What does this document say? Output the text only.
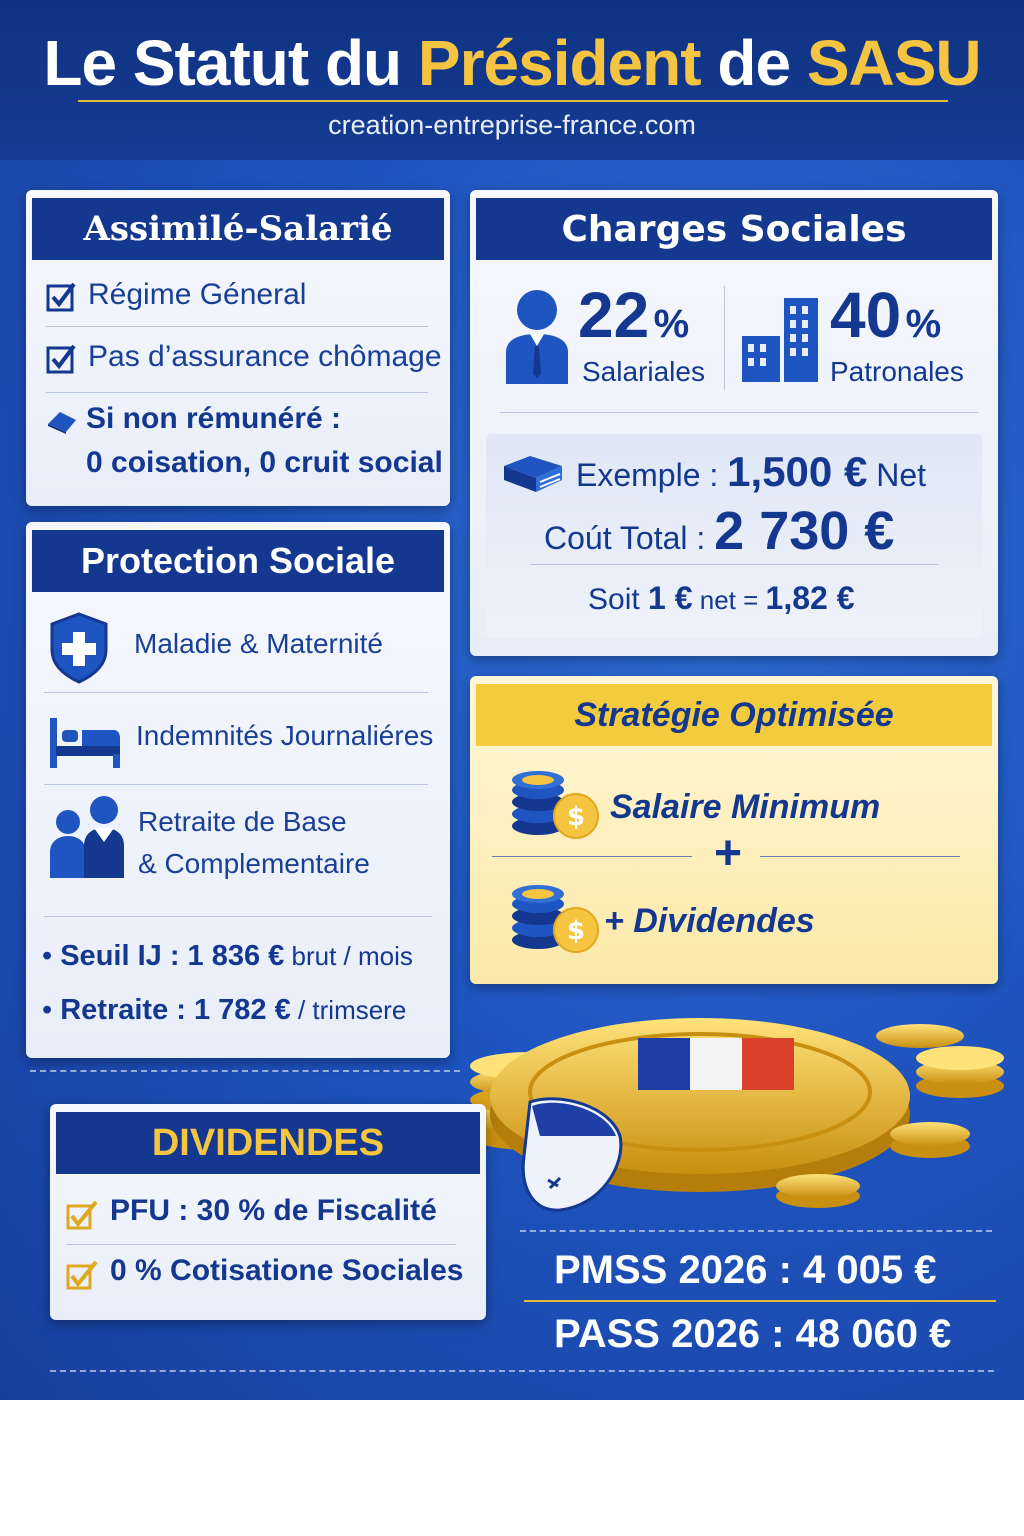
Le Statut du Président de SASU
creation-entreprise-france.com
Assimilé-Salarié
Régime Géneral
Pas d’assurance chômage
Si non rémunéré :
0 coisation, 0 cruit social
Protection Sociale
Maladie & Maternité
Indemnités Journaliéres
Retraite de Base
& Complementaire
• Seuil IJ : 1 836 € brut / mois
• Retraite : 1 782 € / trimsere
Charges Sociales
22 %
Salariales
40 %
Patronales
Exemple : 1,500 € Net
Coút Total : 2 730 €
Soit 1 € net = 1,82 €
Stratégie Optimisée
$ Salaire Minimum
+
$ + Dividendes
DIVIDENDES
PFU : 30 % de Fiscalité
0 % Cotisatione Sociales PMSS 2026 : 4 005 €
PASS 2026 : 48 060 €
